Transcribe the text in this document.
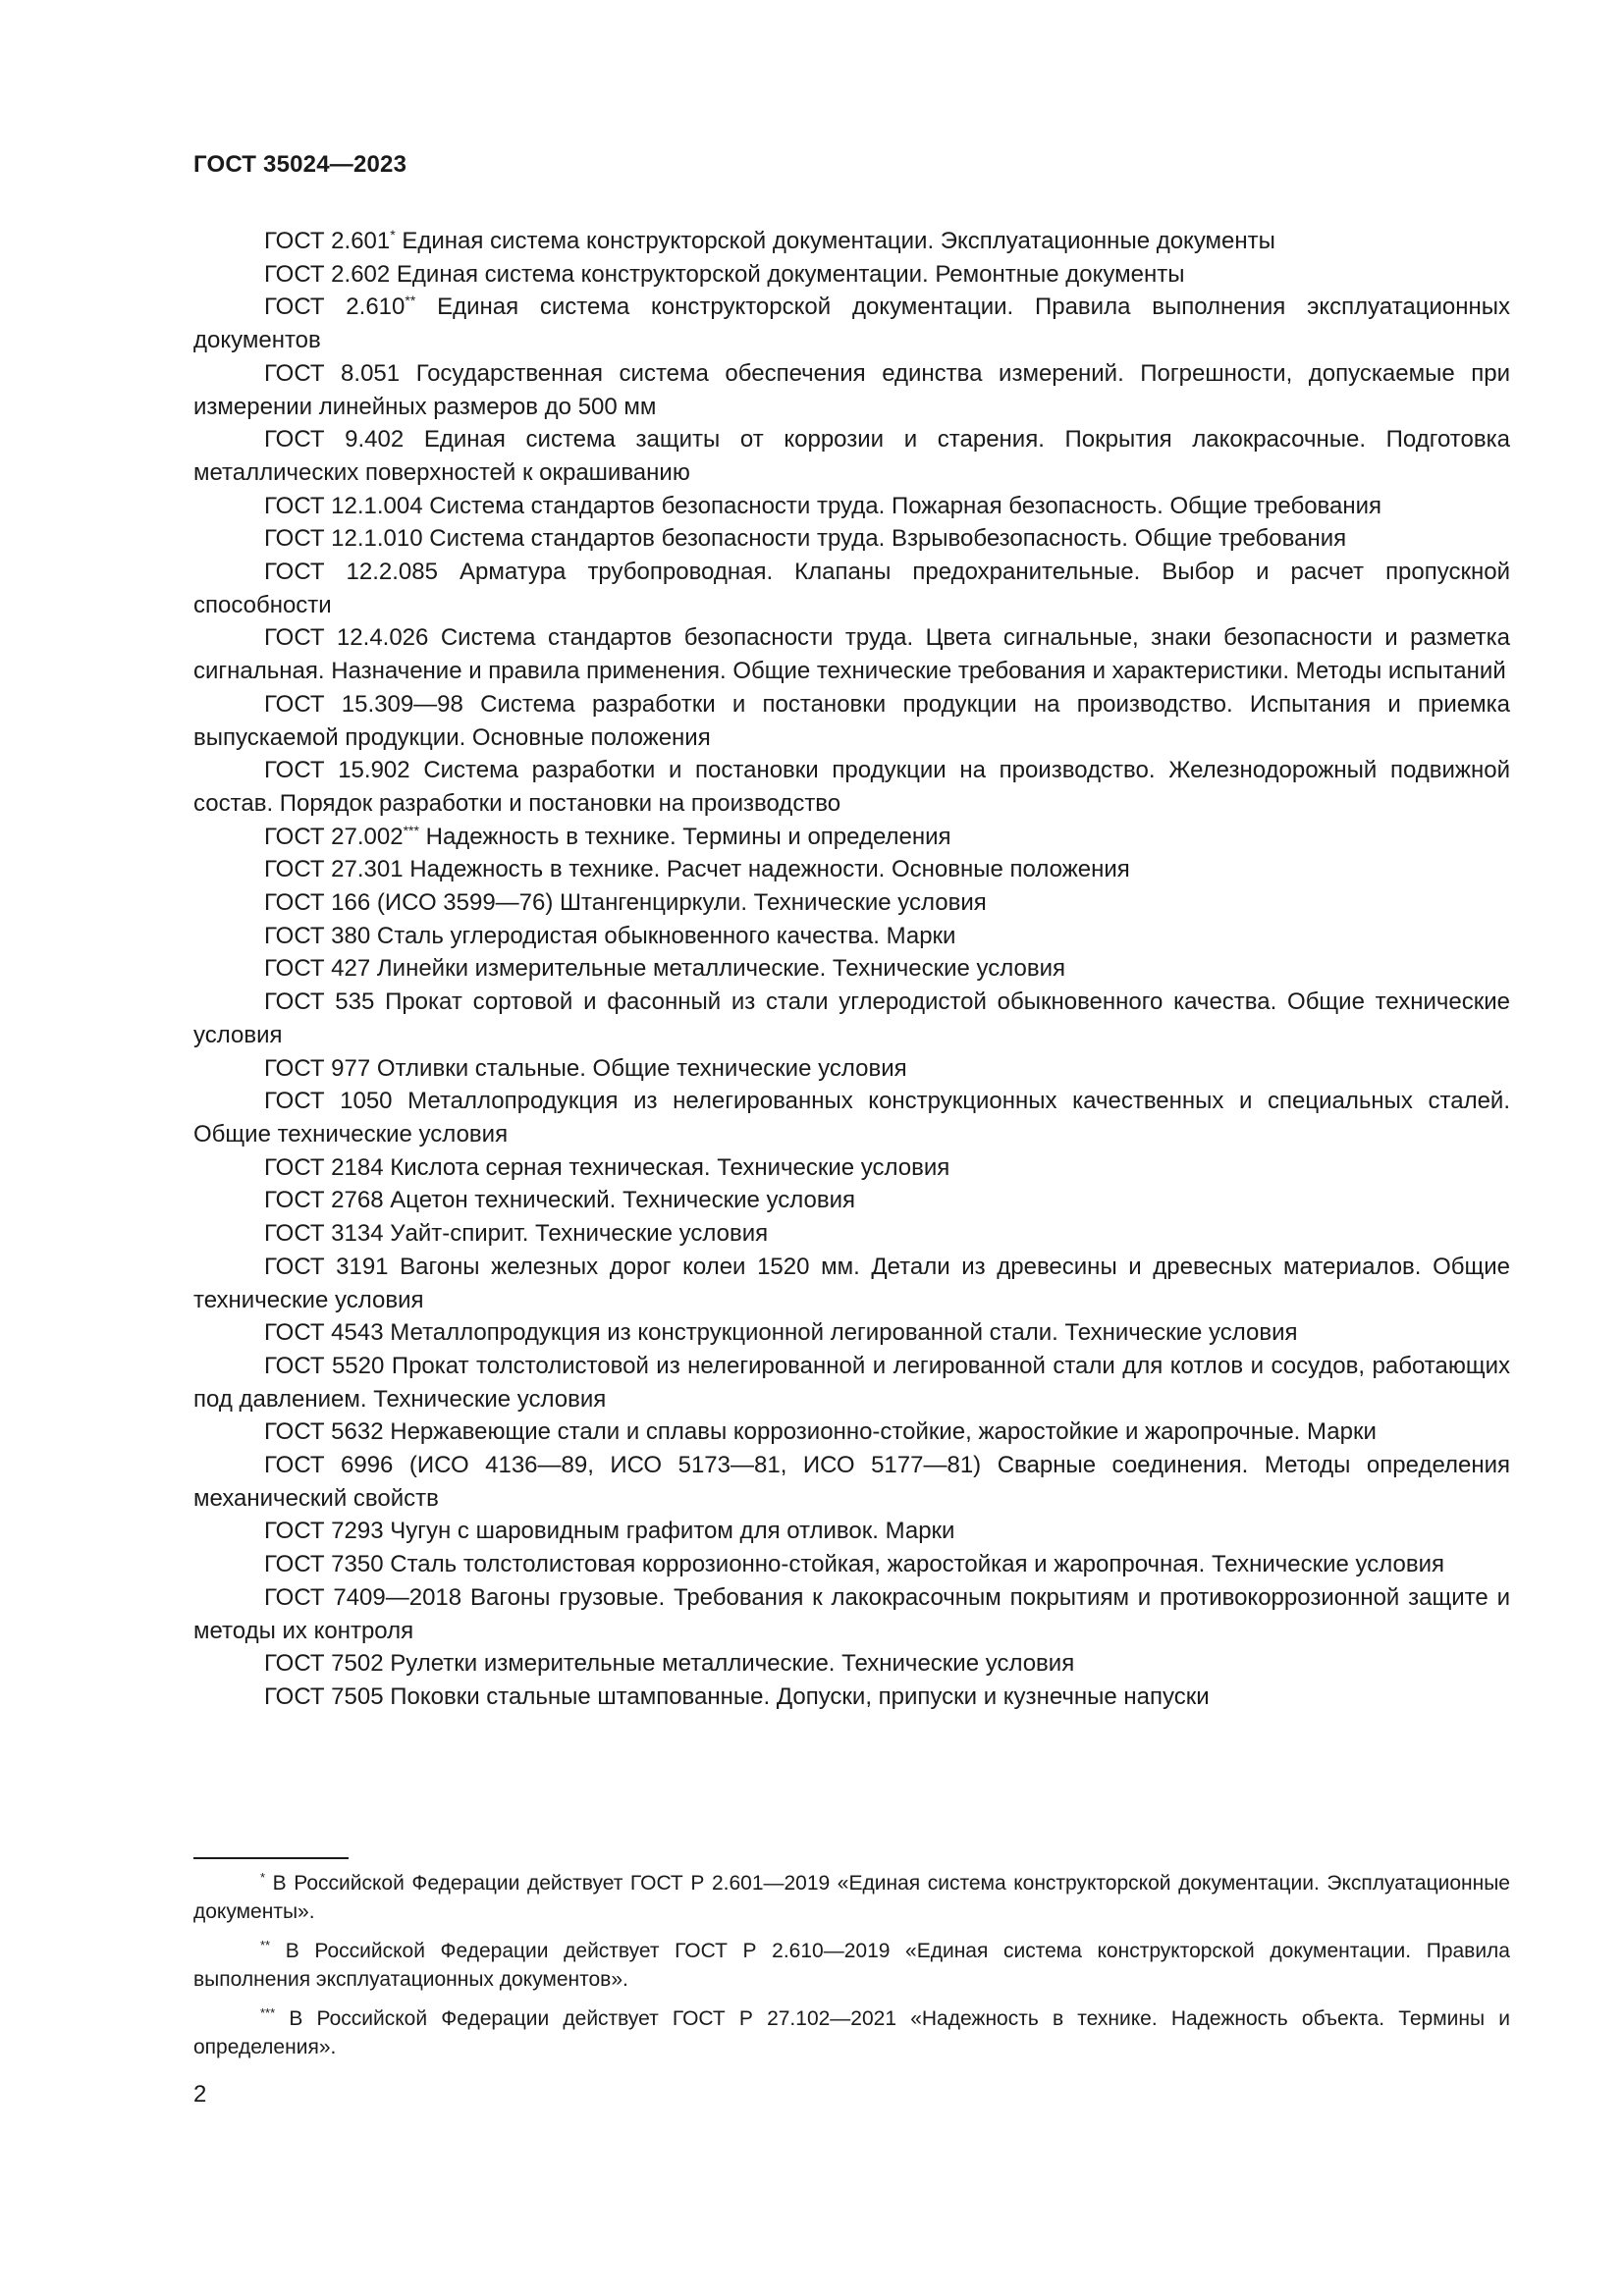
ГОСТ 35024—2023
ГОСТ 2.601* Единая система конструкторской документации. Эксплуатационные документы
ГОСТ 2.602 Единая система конструкторской документации. Ремонтные документы
ГОСТ 2.610** Единая система конструкторской документации. Правила выполнения эксплуатационных документов
ГОСТ 8.051 Государственная система обеспечения единства измерений. Погрешности, допускаемые при измерении линейных размеров до 500 мм
ГОСТ 9.402 Единая система защиты от коррозии и старения. Покрытия лакокрасочные. Подготовка металлических поверхностей к окрашиванию
ГОСТ 12.1.004 Система стандартов безопасности труда. Пожарная безопасность. Общие требования
ГОСТ 12.1.010 Система стандартов безопасности труда. Взрывобезопасность. Общие требования
ГОСТ 12.2.085 Арматура трубопроводная. Клапаны предохранительные. Выбор и расчет пропускной способности
ГОСТ 12.4.026 Система стандартов безопасности труда. Цвета сигнальные, знаки безопасности и разметка сигнальная. Назначение и правила применения. Общие технические требования и характеристики. Методы испытаний
ГОСТ 15.309—98 Система разработки и постановки продукции на производство. Испытания и приемка выпускаемой продукции. Основные положения
ГОСТ 15.902 Система разработки и постановки продукции на производство. Железнодорожный подвижной состав. Порядок разработки и постановки на производство
ГОСТ 27.002*** Надежность в технике. Термины и определения
ГОСТ 27.301 Надежность в технике. Расчет надежности. Основные положения
ГОСТ 166 (ИСО 3599—76) Штангенциркули. Технические условия
ГОСТ 380 Сталь углеродистая обыкновенного качества. Марки
ГОСТ 427 Линейки измерительные металлические. Технические условия
ГОСТ 535 Прокат сортовой и фасонный из стали углеродистой обыкновенного качества. Общие технические условия
ГОСТ 977 Отливки стальные. Общие технические условия
ГОСТ 1050 Металлопродукция из нелегированных конструкционных качественных и специальных сталей. Общие технические условия
ГОСТ 2184 Кислота серная техническая. Технические условия
ГОСТ 2768 Ацетон технический. Технические условия
ГОСТ 3134 Уайт-спирит. Технические условия
ГОСТ 3191 Вагоны железных дорог колеи 1520 мм. Детали из древесины и древесных материалов. Общие технические условия
ГОСТ 4543 Металлопродукция из конструкционной легированной стали. Технические условия
ГОСТ 5520 Прокат толстолистовой из нелегированной и легированной стали для котлов и сосудов, работающих под давлением. Технические условия
ГОСТ 5632 Нержавеющие стали и сплавы коррозионно-стойкие, жаростойкие и жаропрочные. Марки
ГОСТ 6996 (ИСО 4136—89, ИСО 5173—81, ИСО 5177—81) Сварные соединения. Методы определения механический свойств
ГОСТ 7293 Чугун с шаровидным графитом для отливок. Марки
ГОСТ 7350 Сталь толстолистовая коррозионно-стойкая, жаростойкая и жаропрочная. Технические условия
ГОСТ 7409—2018 Вагоны грузовые. Требования к лакокрасочным покрытиям и противокоррозионной защите и методы их контроля
ГОСТ 7502 Рулетки измерительные металлические. Технические условия
ГОСТ 7505 Поковки стальные штампованные. Допуски, припуски и кузнечные напуски
* В Российской Федерации действует ГОСТ Р 2.601—2019 «Единая система конструкторской документации. Эксплуатационные документы».
** В Российской Федерации действует ГОСТ Р 2.610—2019 «Единая система конструкторской документации. Правила выполнения эксплуатационных документов».
*** В Российской Федерации действует ГОСТ Р 27.102—2021 «Надежность в технике. Надежность объекта. Термины и определения».
2
